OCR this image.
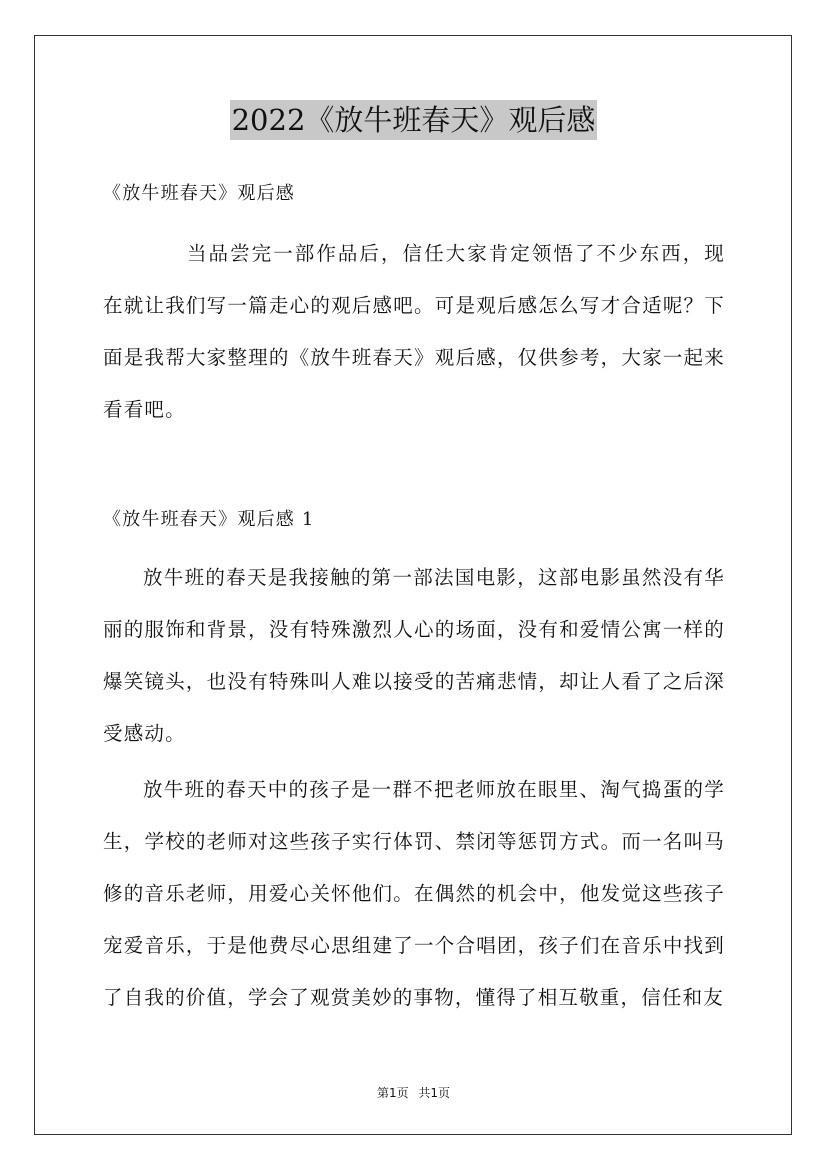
2022《放牛班春天》观后感
《放牛班春天》观后感
当品尝完一部作品后，信任大家肯定领悟了不少东西，现在就让我们写一篇走心的观后感吧。可是观后感怎么写才合适呢？下面是我帮大家整理的《放牛班春天》观后感，仅供参考，大家一起来看看吧。
《放牛班春天》观后感 1
放牛班的春天是我接触的第一部法国电影，这部电影虽然没有华丽的服饰和背景，没有特殊激烈人心的场面，没有和爱情公寓一样的爆笑镜头，也没有特殊叫人难以接受的苦痛悲情，却让人看了之后深受感动。
放牛班的春天中的孩子是一群不把老师放在眼里、淘气捣蛋的学生，学校的老师对这些孩子实行体罚、禁闭等惩罚方式。而一名叫马修的音乐老师，用爱心关怀他们。在偶然的机会中，他发觉这些孩子宠爱音乐，于是他费尽心思组建了一个合唱团，孩子们在音乐中找到了自我的价值，学会了观赏美妙的事物，懂得了相互敬重，信任和友
第1页 共1页
